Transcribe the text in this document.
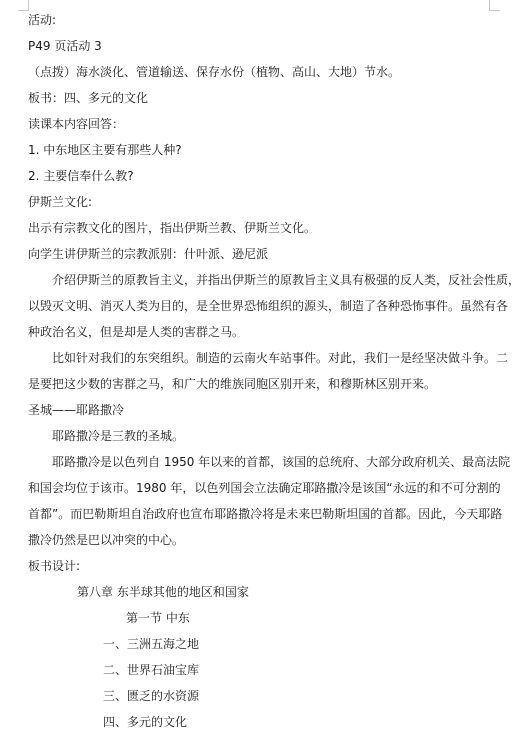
活动:
P49 页活动 3
（点拨）海水淡化、管道输送、保存水份（植物、高山、大地）节水。
板书：四、多元的文化
读课本内容回答：
1. 中东地区主要有那些人种?
2. 主要信奉什么教?
伊斯兰文化:
出示有宗教文化的图片，指出伊斯兰教、伊斯兰文化。
向学生讲伊斯兰的宗教派别：什叶派、逊尼派
介绍伊斯兰的原教旨主义，并指出伊斯兰的原教旨主义具有极强的反人类，反社会性质，
以毁灭文明、消灭人类为目的，是全世界恐怖组织的源头，制造了各种恐怖事件。虽然有各
种政治名义，但是却是人类的害群之马。
比如针对我们的东突组织。制造的云南火车站事件。对此，我们一是经坚决做斗争。二
是要把这少数的害群之马，和广大的维族同胞区别开来，和穆斯林区别开来。
圣城——耶路撒冷
耶路撒冷是三教的圣城。
耶路撒冷是以色列自 1950 年以来的首都，该国的总统府、大部分政府机关、最高法院
和国会均位于该市。1980 年，以色列国会立法确定耶路撒冷是该国“永远的和不可分割的
首都”。而巴勒斯坦自治政府也宣布耶路撒冷将是未来巴勒斯坦国的首都。因此，今天耶路
撒冷仍然是巴以冲突的中心。
板书设计:
第八章 东半球其他的地区和国家
第一节 中东
一、三洲五海之地
二、世界石油宝库
三、匮乏的水资源
四、多元的文化
